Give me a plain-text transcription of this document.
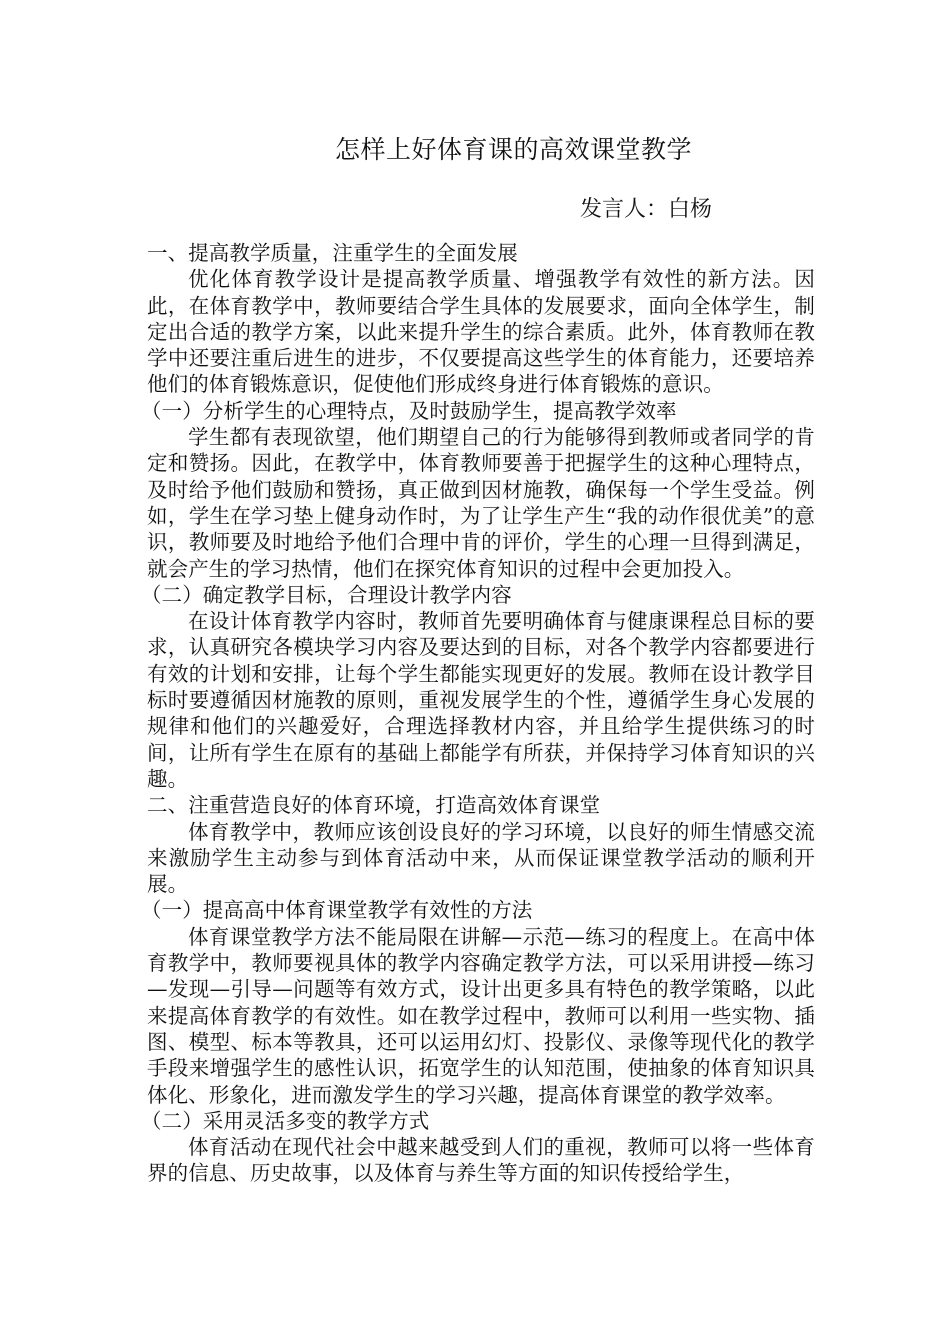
怎样上好体育课的高效课堂教学
发言人：白杨

一、提高教学质量，注重学生的全面发展

优化体育教学设计是提高教学质量、增强教学有效性的新方法。因此，在体育教学中，教师要结合学生具体的发展要求，面向全体学生，制定出合适的教学方案，以此来提升学生的综合素质。此外，体育教师在教学中还要注重后进生的进步，不仅要提高这些学生的体育能力，还要培养他们的体育锻炼意识，促使他们形成终身进行体育锻炼的意识。

（一）分析学生的心理特点，及时鼓励学生，提高教学效率

学生都有表现欲望，他们期望自己的行为能够得到教师或者同学的肯定和赞扬。因此，在教学中，体育教师要善于把握学生的这种心理特点，及时给予他们鼓励和赞扬，真正做到因材施教，确保每一个学生受益。例如，学生在学习垫上健身动作时，为了让学生产生“我的动作很优美”的意识，教师要及时地给予他们合理中肯的评价，学生的心理一旦得到满足，就会产生的学习热情，他们在探究体育知识的过程中会更加投入。

（二）确定教学目标，合理设计教学内容

在设计体育教学内容时，教师首先要明确体育与健康课程总目标的要求，认真研究各模块学习内容及要达到的目标，对各个教学内容都要进行有效的计划和安排，让每个学生都能实现更好的发展。教师在设计教学目标时要遵循因材施教的原则，重视发展学生的个性，遵循学生身心发展的规律和他们的兴趣爱好，合理选择教材内容，并且给学生提供练习的时间，让所有学生在原有的基础上都能学有所获，并保持学习体育知识的兴趣。

二、注重营造良好的体育环境，打造高效体育课堂

体育教学中，教师应该创设良好的学习环境，以良好的师生情感交流来激励学生主动参与到体育活动中来，从而保证课堂教学活动的顺利开展。

（一）提高高中体育课堂教学有效性的方法

体育课堂教学方法不能局限在讲解—示范—练习的程度上。在高中体育教学中，教师要视具体的教学内容确定教学方法，可以采用讲授—练习—发现—引导—问题等有效方式，设计出更多具有特色的教学策略，以此来提高体育教学的有效性。如在教学过程中，教师可以利用一些实物、插图、模型、标本等教具，还可以运用幻灯、投影仪、录像等现代化的教学手段来增强学生的感性认识，拓宽学生的认知范围，使抽象的体育知识具体化、形象化，进而激发学生的学习兴趣，提高体育课堂的教学效率。

（二）采用灵活多变的教学方式

体育活动在现代社会中越来越受到人们的重视，教师可以将一些体育界的信息、历史故事，以及体育与养生等方面的知识传授给学生，
